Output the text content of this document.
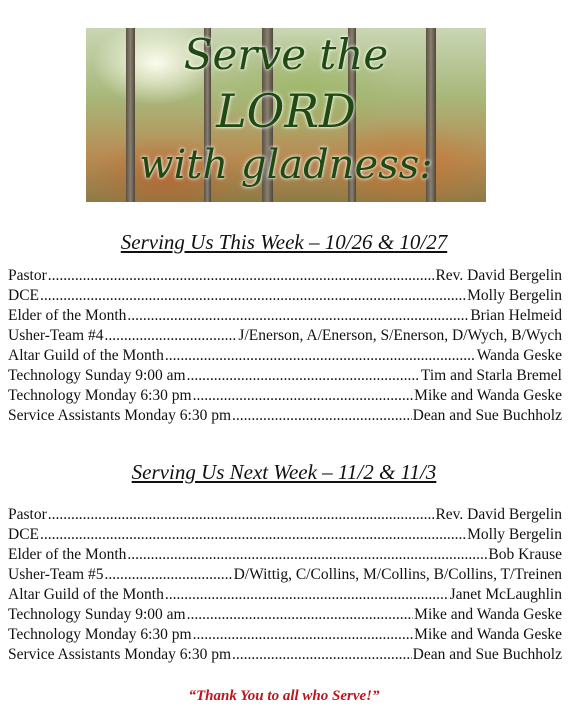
Serve the
LORD
with gladness:
Serving Us This Week – 10/26 & 10/27
Pastor .....	Rev. David Bergelin
DCE .....	Molly Bergelin
Elder of the Month .....	Brian Helmeid
Usher-Team #4 .....	J/Enerson, A/Enerson, S/Enerson, D/Wych, B/Wych
Altar Guild of the Month .....	Wanda Geske
Technology Sunday 9:00 am .....	Tim and Starla Bremel
Technology Monday 6:30 pm .....	Mike and Wanda Geske
Service Assistants Monday 6:30 pm .....	Dean and Sue Buchholz
Serving Us Next Week – 11/2 & 11/3
Pastor .....	Rev. David Bergelin
DCE .....	Molly Bergelin
Elder of the Month .....	Bob Krause
Usher-Team #5 .....	D/Wittig, C/Collins, M/Collins, B/Collins, T/Treinen
Altar Guild of the Month .....	Janet McLaughlin
Technology Sunday 9:00 am .....	Mike and Wanda Geske
Technology Monday 6:30 pm .....	Mike and Wanda Geske
Service Assistants Monday 6:30 pm .....	Dean and Sue Buchholz
“Thank You to all who Serve!”
